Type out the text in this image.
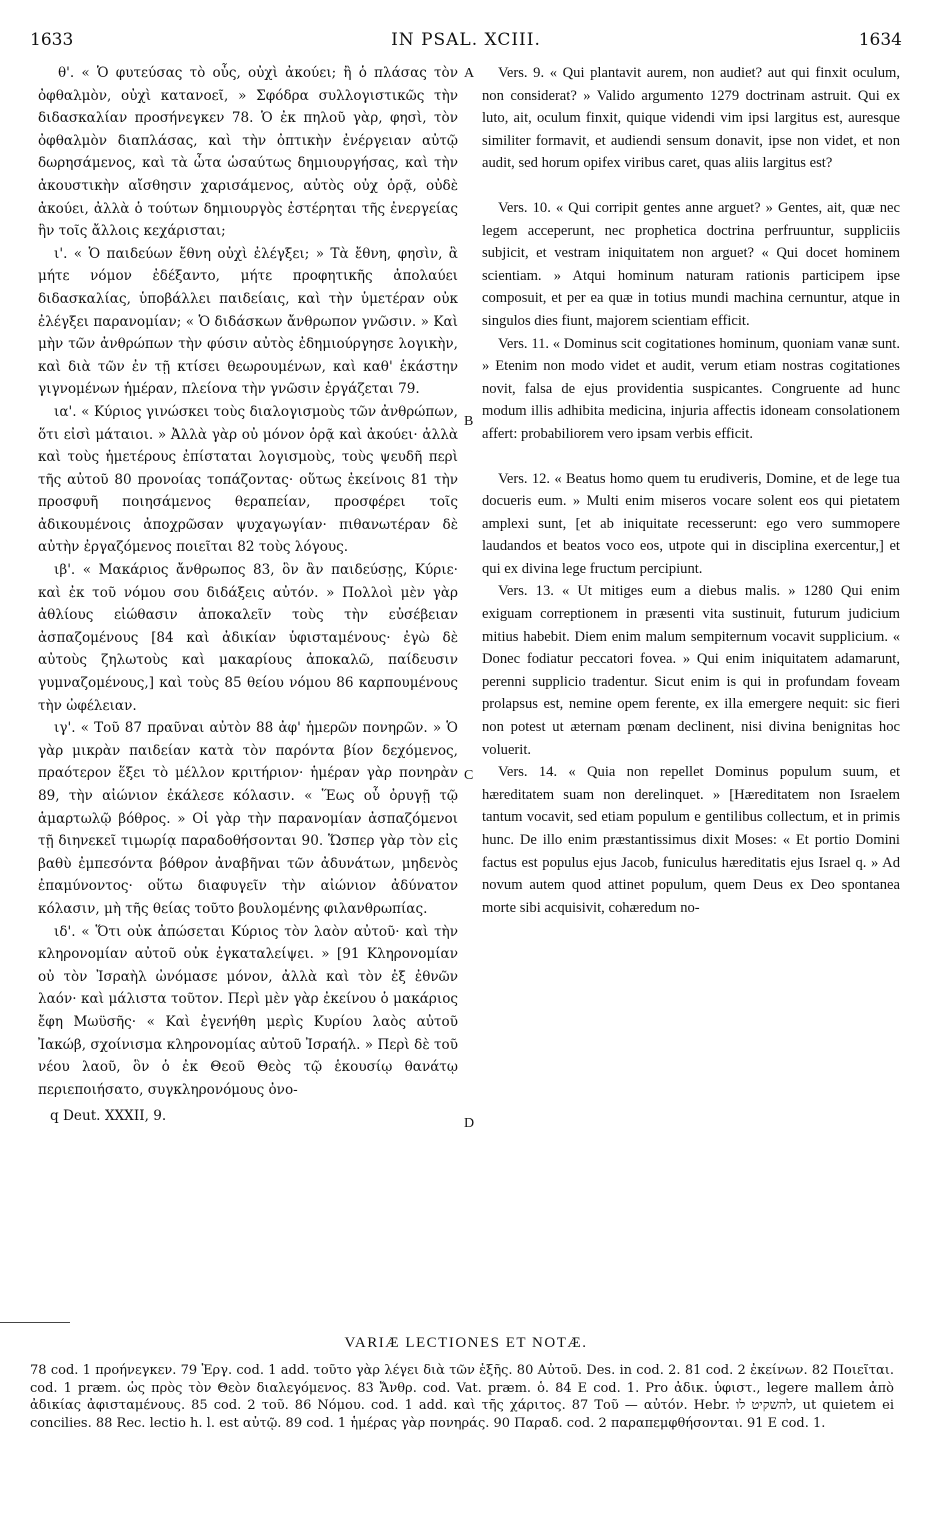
1633	IN PSAL. XCIII.	1634

θ'. « Ὁ φυτεύσας τὸ οὖς, οὐχὶ ἀκούει; ἢ ὁ πλάσας τὸν ὀφθαλμὸν, οὐχὶ κατανοεῖ, » Σφόδρα συλλογιστικῶς τὴν διδασκαλίαν προσήνεγκεν 78. Ὁ ἐκ πηλοῦ γὰρ, φησὶ, τὸν ὀφθαλμὸν διαπλάσας, καὶ τὴν ὀπτικὴν ἐνέργειαν αὐτῷ δωρησάμενος, καὶ τὰ ὦτα ὡσαύτως δημιουργήσας, καὶ τὴν ἀκουστικὴν αἴσθησιν χαρισάμενος, αὐτὸς οὐχ ὁρᾷ, οὐδὲ ἀκούει, ἀλλὰ ὁ τούτων δημιουργὸς ἐστέρηται τῆς ἐνεργείας ἣν τοῖς ἄλλοις κεχάρισται;

ι'. « Ὁ παιδεύων ἔθνη οὐχὶ ἐλέγξει; » Τὰ ἔθνη, φησὶν, ἃ μήτε νόμον ἐδέξαντο, μήτε προφητικῆς ἀπολαύει διδασκαλίας, ὑποβάλλει παιδείαις, καὶ τὴν ὑμετέραν οὐκ ἐλέγξει παρανομίαν; « Ὁ διδάσκων ἄνθρωπον γνῶσιν. » Καὶ μὴν τῶν ἀνθρώπων τὴν φύσιν αὐτὸς ἐδημιούργησε λογικὴν, καὶ διὰ τῶν ἐν τῇ κτίσει θεωρουμένων, καὶ καθ' ἑκάστην γιγνομένων ἡμέραν, πλείονα τὴν γνῶσιν ἐργάζεται 79.

ια'. « Κύριος γινώσκει τοὺς διαλογισμοὺς τῶν ἀνθρώπων, ὅτι εἰσὶ μάταιοι. » Ἀλλὰ γὰρ οὐ μόνον ὁρᾷ καὶ ἀκούει· ἀλλὰ καὶ τοὺς ἡμετέρους ἐπίσταται λογισμοὺς, τοὺς ψευδῆ περὶ τῆς αὐτοῦ 80 προνοίας τοπάζοντας· οὕτως ἐκείνοις 81 τὴν προσφυῆ ποιησάμενος θεραπείαν, προσφέρει τοῖς ἀδικουμένοις ἀποχρῶσαν ψυχαγωγίαν· πιθανωτέραν δὲ αὐτὴν ἐργαζόμενος ποιεῖται 82 τοὺς λόγους.

ιβ'. « Μακάριος ἄνθρωπος 83, ὃν ἂν παιδεύσῃς, Κύριε· καὶ ἐκ τοῦ νόμου σου διδάξεις αὐτόν. » Πολλοὶ μὲν γὰρ ἀθλίους εἰώθασιν ἀποκαλεῖν τοὺς τὴν εὐσέβειαν ἀσπαζομένους [84 καὶ ἀδικίαν ὑφισταμένους· ἐγὼ δὲ αὐτοὺς ζηλωτοὺς καὶ μακαρίους ἀποκαλῶ, παίδευσιν γυμναζομένους,] καὶ τοὺς 85 θείου νόμου 86 καρπουμένους τὴν ὠφέλειαν.

ιγ'. « Τοῦ 87 πραῦναι αὐτὸν 88 ἀφ' ἡμερῶν πονηρῶν. » Ὁ γὰρ μικρὰν παιδείαν κατὰ τὸν παρόντα βίον δεχόμενος, πραότερον ἕξει τὸ μέλλον κριτήριον· ἡμέραν γὰρ πονηρὰν 89, τὴν αἰώνιον ἐκάλεσε κόλασιν. « Ἕως οὗ ὀρυγῇ τῷ ἁμαρτωλῷ βόθρος. » Οἱ γὰρ τὴν παρανομίαν ἀσπαζόμενοι τῇ διηνεκεῖ τιμωρίᾳ παραδοθήσονται 90. Ὥσπερ γὰρ τὸν εἰς βαθὺ ἐμπεσόντα βόθρον ἀναβῆναι τῶν ἀδυνάτων, μηδενὸς ἐπαμύνοντος· οὕτω διαφυγεῖν τὴν αἰώνιον ἀδύνατον κόλασιν, μὴ τῆς θείας τοῦτο βουλομένης φιλανθρωπίας.

ιδ'. « Ὅτι οὐκ ἀπώσεται Κύριος τὸν λαὸν αὐτοῦ· καὶ τὴν κληρονομίαν αὐτοῦ οὐκ ἐγκαταλείψει. » [91 Κληρονομίαν οὐ τὸν Ἰσραὴλ ὠνόμασε μόνον, ἀλλὰ καὶ τὸν ἐξ ἐθνῶν λαόν· καὶ μάλιστα τοῦτον. Περὶ μὲν γὰρ ἐκείνου ὁ μακάριος ἔφη Μωϋσῆς· « Καὶ ἐγενήθη μερὶς Κυρίου λαὸς αὐτοῦ Ἰακώβ, σχοίνισμα κληρονομίας αὐτοῦ Ἰσραήλ. » Περὶ δὲ τοῦ νέου λαοῦ, ὃν ὁ ἐκ Θεοῦ Θεὸς τῷ ἑκουσίῳ θανάτῳ περιεποιήσατο, συγκληρονόμους ὀνο-

q Deut. XXXII, 9.

Vers. 9. « Qui plantavit aurem, non audiet? aut qui finxit oculum, non considerat? » Valido argumento 1279 doctrinam astruit. Qui ex luto, ait, oculum finxit, quique videndi vim ipsi largitus est, auresque similiter formavit, et audiendi sensum donavit, ipse non videt, et non audit, sed horum opifex viribus caret, quas aliis largitus est?

Vers. 10. « Qui corripit gentes anne arguet? » Gentes, ait, quæ nec legem acceperunt, nec prophetica doctrina perfruuntur, suppliciis subjicit, et vestram iniquitatem non arguet? « Qui docet hominem scientiam. » Atqui hominum naturam rationis participem ipse composuit, et per ea quæ in totius mundi machina cernuntur, atque in singulos dies fiunt, majorem scientiam efficit.

Vers. 11. « Dominus scit cogitationes hominum, quoniam vanæ sunt. » Etenim non modo videt et audit, verum etiam nostras cogitationes novit, falsa de ejus providentia suspicantes. Congruente ad hunc modum illis adhibita medicina, injuria affectis idoneam consolationem affert: probabiliorem vero ipsam verbis efficit.

Vers. 12. « Beatus homo quem tu erudiveris, Domine, et de lege tua docueris eum. » Multi enim miseros vocare solent eos qui pietatem amplexi sunt, [et ab iniquitate recesserunt: ego vero summopere laudandos et beatos voco eos, utpote qui in disciplina exercentur,] et qui ex divina lege fructum percipiunt.

Vers. 13. « Ut mitiges eum a diebus malis. » 1280 Qui enim exiguam correptionem in præsenti vita sustinuit, futurum judicium mitius habebit. Diem enim malum sempiternum vocavit supplicium. « Donec fodiatur peccatori fovea. » Qui enim iniquitatem adamarunt, perenni supplicio tradentur. Sicut enim is qui in profundam foveam prolapsus est, nemine opem ferente, ex illa emergere nequit: sic fieri non potest ut æternam pœnam declinent, nisi divina benignitas hoc voluerit.

Vers. 14. « Quia non repellet Dominus populum suum, et hæreditatem suam non derelinquet. » [Hæreditatem non Israelem tantum vocavit, sed etiam populum e gentilibus collectum, et in primis hunc. De illo enim præstantissimus dixit Moses: « Et portio Domini factus est populus ejus Jacob, funiculus hæreditatis ejus Israel q. » Ad novum autem quod attinet populum, quem Deus ex Deo spontanea morte sibi acquisivit, cohæredum no-

A
B
C
D
VARIÆ LECTIONES ET NOTÆ.

78 cod. 1 προήνεγκεν. 79 Ἐργ. cod. 1 add. τοῦτο γὰρ λέγει διὰ τῶν ἑξῆς. 80 Αὐτοῦ. Des. in cod. 2. 81 cod. 2 ἐκείνων. 82 Ποιεῖται. cod. 1 præm. ὡς πρὸς τὸν Θεὸν διαλεγόμενος. 83 Ἄνθρ. cod. Vat. præm. ὁ. 84 E cod. 1. Pro ἀδικ. ὑφιστ., legere mallem ἀπὸ ἀδικίας ἀφισταμένους. 85 cod. 2 τοῦ. 86 Νόμου. cod. 1 add. καὶ τῆς χάριτος. 87 Τοῦ — αὐτόν. Hebr. להשקיט לו, ut quietem ei concilies. 88 Rec. lectio h. l. est αὐτῷ. 89 cod. 1 ἡμέρας γὰρ πονηράς. 90 Παραδ. cod. 2 παραπεμφθήσονται. 91 E cod. 1.
